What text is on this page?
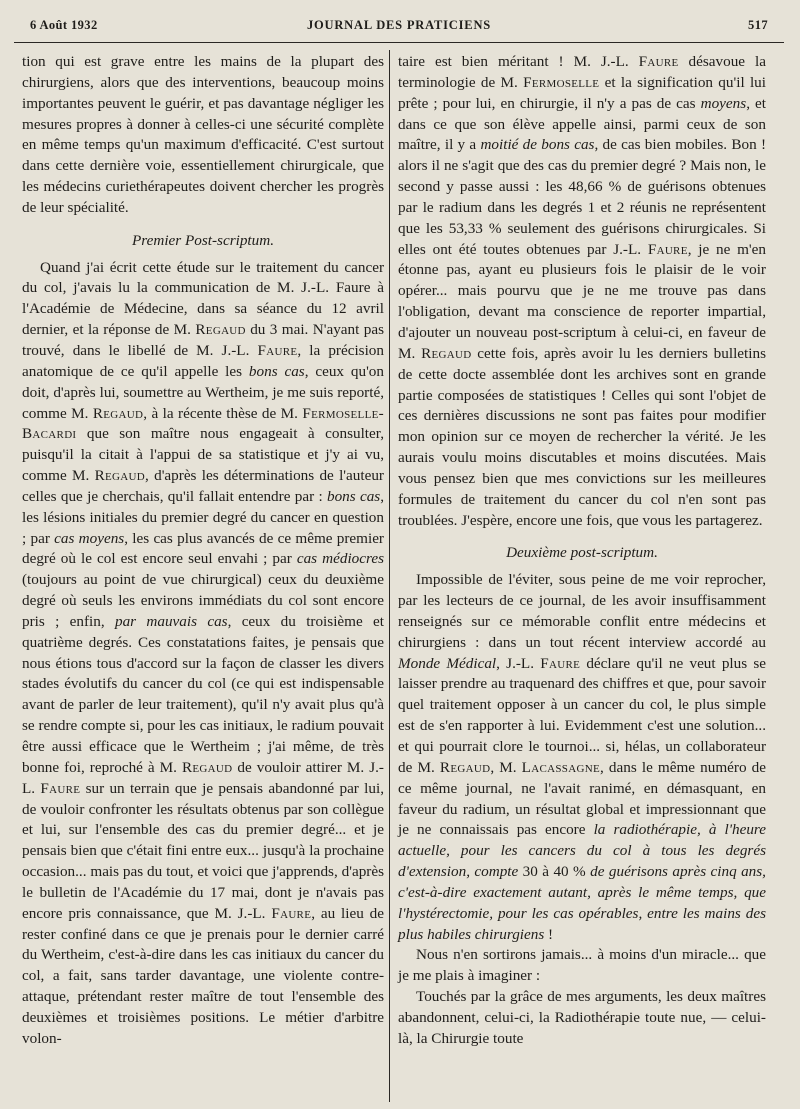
6 Août 1932	JOURNAL DES PRATICIENS	517

tion qui est grave entre les mains de la plupart des chirurgiens, alors que des interventions, beaucoup moins importantes peuvent le guérir, et pas davantage négliger les mesures propres à donner à celles-ci une sécurité complète en même temps qu'un maximum d'efficacité. C'est surtout dans cette dernière voie, essentiellement chirurgicale, que les médecins curiethérapeutes doivent chercher les progrès de leur spécialité.

Premier Post-scriptum.

Quand j'ai écrit cette étude sur le traitement du cancer du col, j'avais lu la communication de M. J.-L. Faure à l'Académie de Médecine, dans sa séance du 12 avril dernier, et la réponse de M. Regaud du 3 mai. N'ayant pas trouvé, dans le libellé de M. J.-L. Faure, la précision anatomique de ce qu'il appelle les bons cas, ceux qu'on doit, d'après lui, soumettre au Wertheim, je me suis reporté, comme M. Regaud, à la récente thèse de M. Fermoselle-Bacardi que son maître nous engageait à consulter, puisqu'il la citait à l'appui de sa statistique et j'y ai vu, comme M. Regaud, d'après les déterminations de l'auteur celles que je cherchais, qu'il fallait entendre par : bons cas, les lésions initiales du premier degré du cancer en question ; par cas moyens, les cas plus avancés de ce même premier degré où le col est encore seul envahi ; par cas médiocres (toujours au point de vue chirurgical) ceux du deuxième degré où seuls les environs immédiats du col sont encore pris ; enfin, par mauvais cas, ceux du troisième et quatrième degrés. Ces constatations faites, je pensais que nous étions tous d'accord sur la façon de classer les divers stades évolutifs du cancer du col (ce qui est indispensable avant de parler de leur traitement), qu'il n'y avait plus qu'à se rendre compte si, pour les cas initiaux, le radium pouvait être aussi efficace que le Wertheim ; j'ai même, de très bonne foi, reproché à M. Regaud de vouloir attirer M. J.-L. Faure sur un terrain que je pensais abandonné par lui, de vouloir confronter les résultats obtenus par son collègue et lui, sur l'ensemble des cas du premier degré... et je pensais bien que c'était fini entre eux... jusqu'à la prochaine occasion... mais pas du tout, et voici que j'apprends, d'après le bulletin de l'Académie du 17 mai, dont je n'avais pas encore pris connaissance, que M. J.-L. Faure, au lieu de rester confiné dans ce que je prenais pour le dernier carré du Wertheim, c'est-à-dire dans les cas initiaux du cancer du col, a fait, sans tarder davantage, une violente contre-attaque, prétendant rester maître de tout l'ensemble des deuxièmes et troisièmes positions. Le métier d'arbitre volon-

taire est bien méritant ! M. J.-L. Faure désavoue la terminologie de M. Fermoselle et la signification qu'il lui prête ; pour lui, en chirurgie, il n'y a pas de cas moyens, et dans ce que son élève appelle ainsi, parmi ceux de son maître, il y a moitié de bons cas, de cas bien mobiles. Bon ! alors il ne s'agit que des cas du premier degré ? Mais non, le second y passe aussi : les 48,66 % de guérisons obtenues par le radium dans les degrés 1 et 2 réunis ne représentent que les 53,33 % seulement des guérisons chirurgicales. Si elles ont été toutes obtenues par J.-L. Faure, je ne m'en étonne pas, ayant eu plusieurs fois le plaisir de le voir opérer... mais pourvu que je ne me trouve pas dans l'obligation, devant ma conscience de reporter impartial, d'ajouter un nouveau post-scriptum à celui-ci, en faveur de M. Regaud cette fois, après avoir lu les derniers bulletins de cette docte assemblée dont les archives sont en grande partie composées de statistiques ! Celles qui sont l'objet de ces dernières discussions ne sont pas faites pour modifier mon opinion sur ce moyen de rechercher la vérité. Je les aurais voulu moins discutables et moins discutées. Mais vous pensez bien que mes convictions sur les meilleures formules de traitement du cancer du col n'en sont pas troublées. J'espère, encore une fois, que vous les partagerez.

Deuxième post-scriptum.

Impossible de l'éviter, sous peine de me voir reprocher, par les lecteurs de ce journal, de les avoir insuffisamment renseignés sur ce mémorable conflit entre médecins et chirurgiens : dans un tout récent interview accordé au Monde Médical, J.-L. Faure déclare qu'il ne veut plus se laisser prendre au traquenard des chiffres et que, pour savoir quel traitement opposer à un cancer du col, le plus simple est de s'en rapporter à lui. Evidemment c'est une solution... et qui pourrait clore le tournoi... si, hélas, un collaborateur de M. Regaud, M. Lacassagne, dans le même numéro de ce même journal, ne l'avait ranimé, en démasquant, en faveur du radium, un résultat global et impressionnant que je ne connaissais pas encore la radiothérapie, à l'heure actuelle, pour les cancers du col à tous les degrés d'extension, compte 30 à 40 % de guérisons après cinq ans, c'est-à-dire exactement autant, après le même temps, que l'hystérectomie, pour les cas opérables, entre les mains des plus habiles chirurgiens !

Nous n'en sortirons jamais... à moins d'un miracle... que je me plais à imaginer :

Touchés par la grâce de mes arguments, les deux maîtres abandonnent, celui-ci, la Radiothérapie toute nue, — celui-là, la Chirurgie toute
